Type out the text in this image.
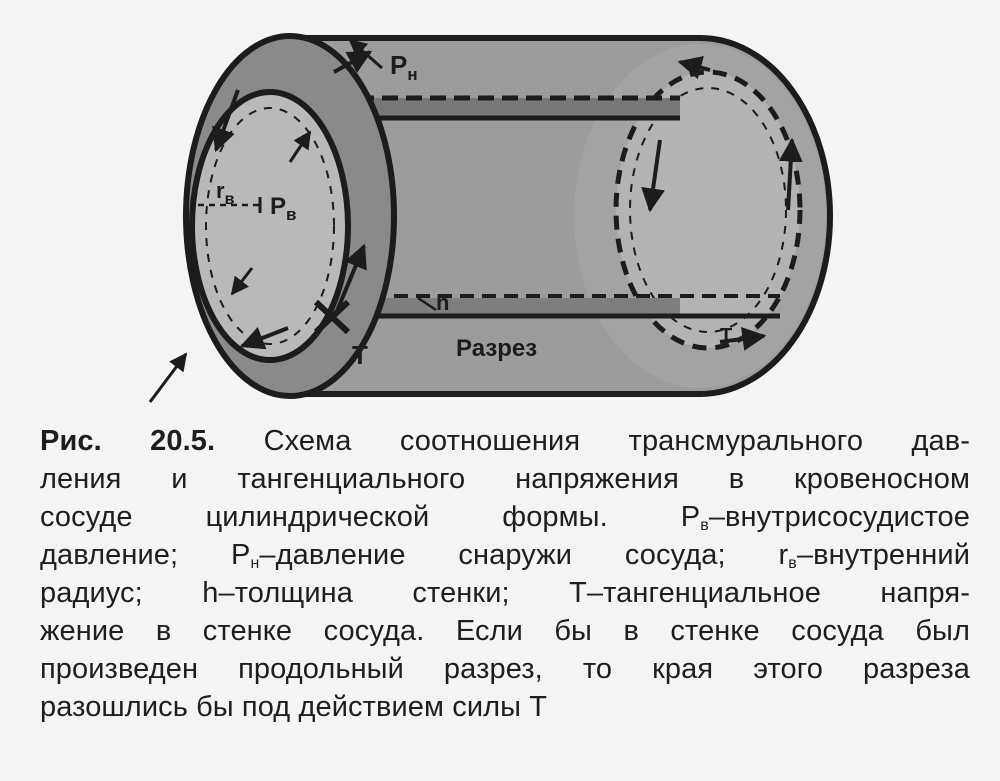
$P_н$
$r_в$ $P_в$
h
T	Разрез	T
Рис. 20.5. Схема соотношения трансмурального дав-
ления и тангенциального напряжения в кровеносном
сосуде цилиндрической формы. $P_в$–внутрисосудистое
давление; $P_н$–давление снаружи сосуда; $r_в$–внутренний
радиус; h–толщина стенки; T–тангенциальное напря-
жение в стенке сосуда. Если бы в стенке сосуда был
произведен продольный разрез, то края этого разреза
разошлись бы под действием силы T
